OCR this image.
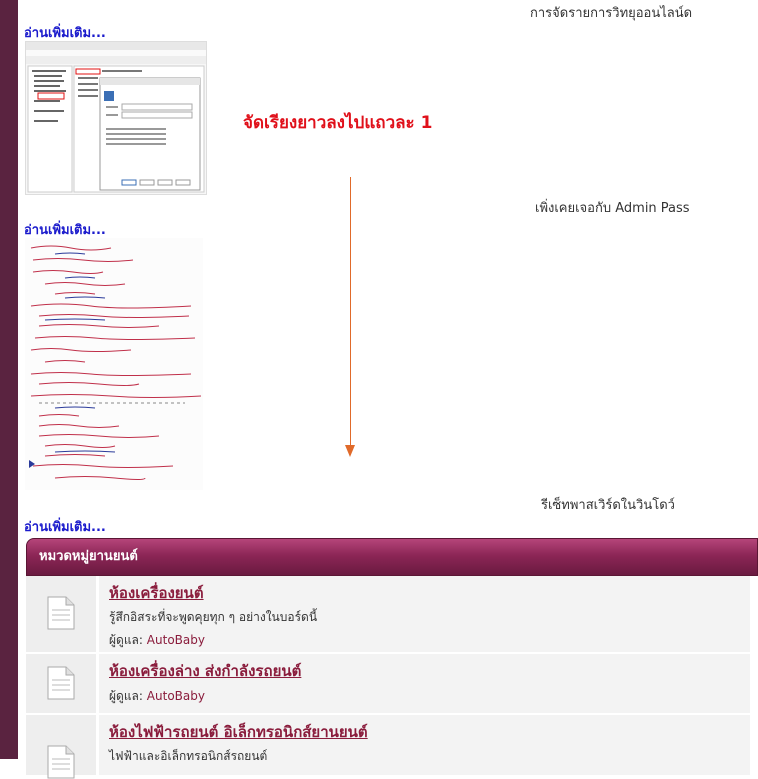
การจัดรายการวิทยุออนไลน์ด
อ่านเพิ่มเติม...
จัดเรียงยาวลงไปแถวละ 1
เพิ่งเคยเจอกับ Admin Pass
อ่านเพิ่มเติม...
รีเซ็ทพาสเวิร์ดในวินโดว์
อ่านเพิ่มเติม...
หมวดหมู่ยานยนต์
ห้องเครื่องยนต์
รู้สึกอิสระที่จะพูดคุยทุก ๆ อย่างในบอร์ดนี้
ผู้ดูแล: AutoBaby
ห้องเครื่องล่าง ส่งกำลังรถยนต์
ผู้ดูแล: AutoBaby
ห้องไฟฟ้ารถยนต์ อิเล็กทรอนิกส์ยานยนต์
ไฟฟ้าและอิเล็กทรอนิกส์รถยนต์
